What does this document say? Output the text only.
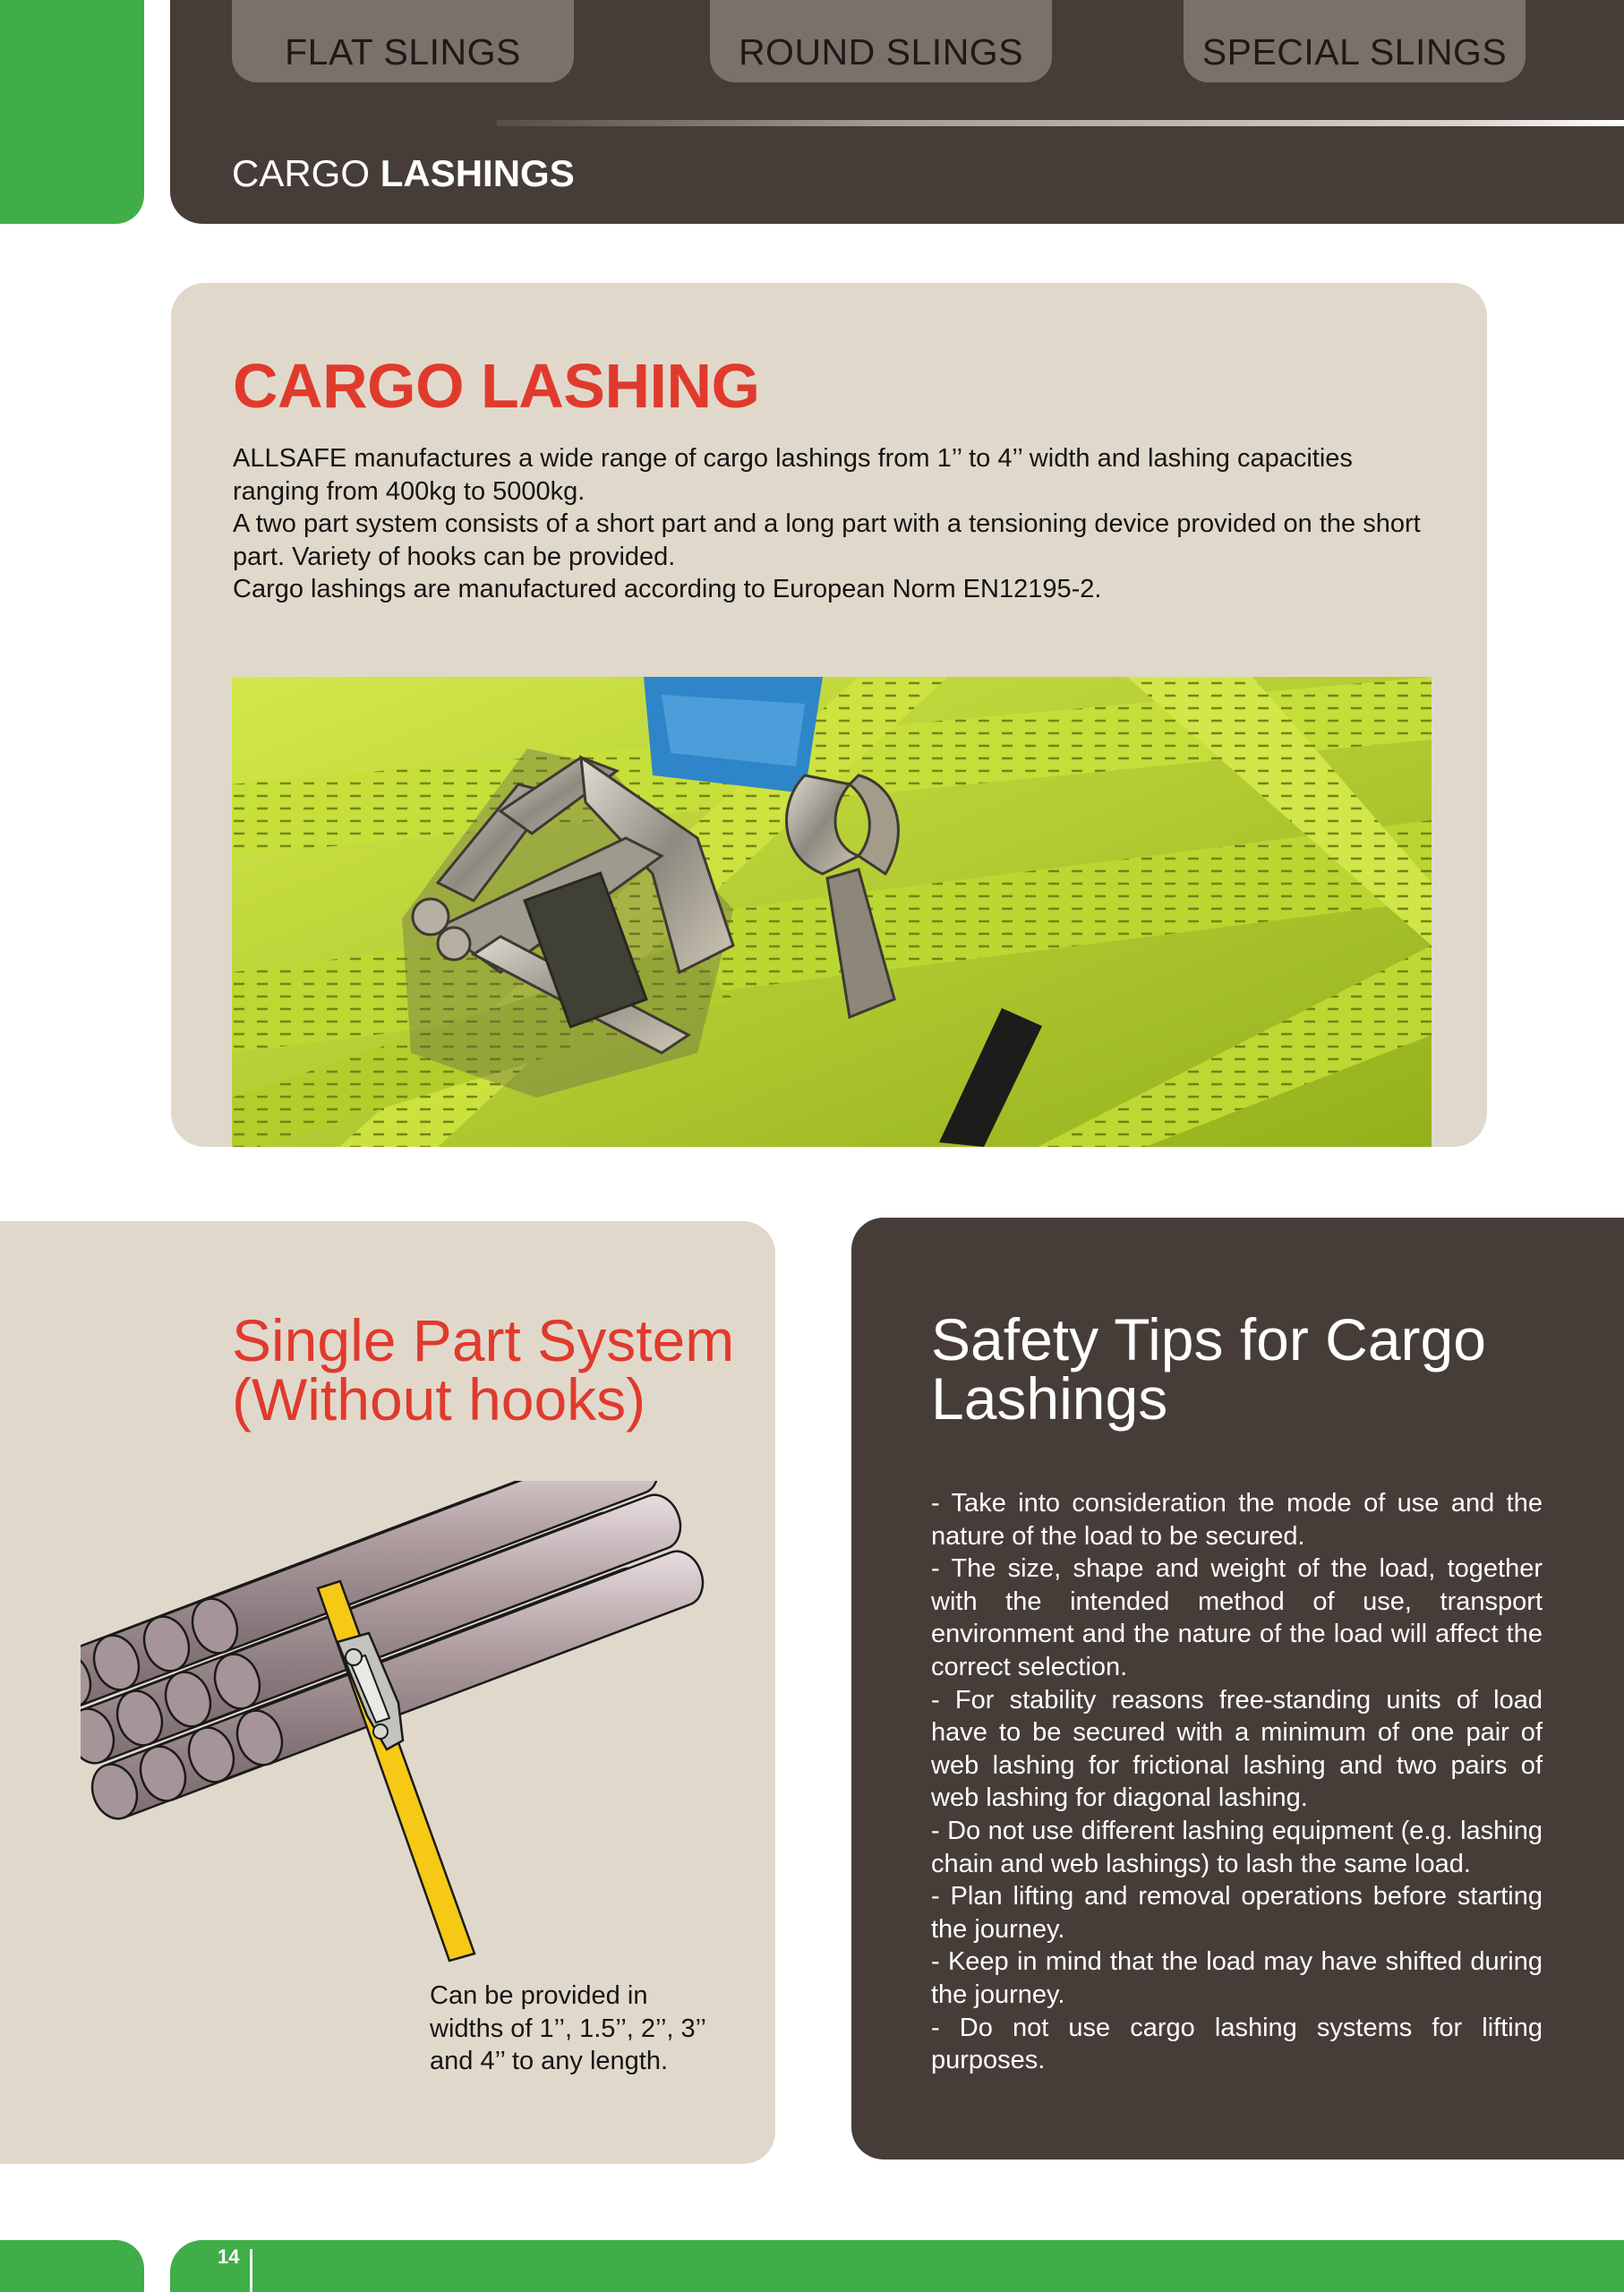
FLAT SLINGS	ROUND SLINGS	SPECIAL SLINGS
CARGO LASHINGS
CARGO LASHING

ALLSAFE manufactures a wide range of cargo lashings from 1’’ to 4’’ width and lashing capacities ranging from 400kg to 5000kg.

A two part system consists of a short part and a long part with a tensioning device provided on the short part. Variety of hooks can be provided.

Cargo lashings are manufactured according to European Norm EN12195-2.

Single Part System
(Without hooks)
Can be provided in
widths of 1’’, 1.5’’, 2’’, 3’’
and 4’’ to any length.
Safety Tips for Cargo
Lashings

- Take into consideration the mode of use and the nature of the load to be secured.

- The size, shape and weight of the load, together with the intended method of use, transport environment and the nature of the load will affect the correct selection.

- For stability reasons free-standing units of load have to be secured with a minimum of one pair of web lashing for frictional lashing and two pairs of web lashing for diagonal lashing.

- Do not use different lashing equipment (e.g. lashing chain and web lashings) to lash the same load.

- Plan lifting and removal operations before starting the journey.

- Keep in mind that the load may have shifted during the journey.

- Do not use cargo lashing systems for lifting purposes.

14
